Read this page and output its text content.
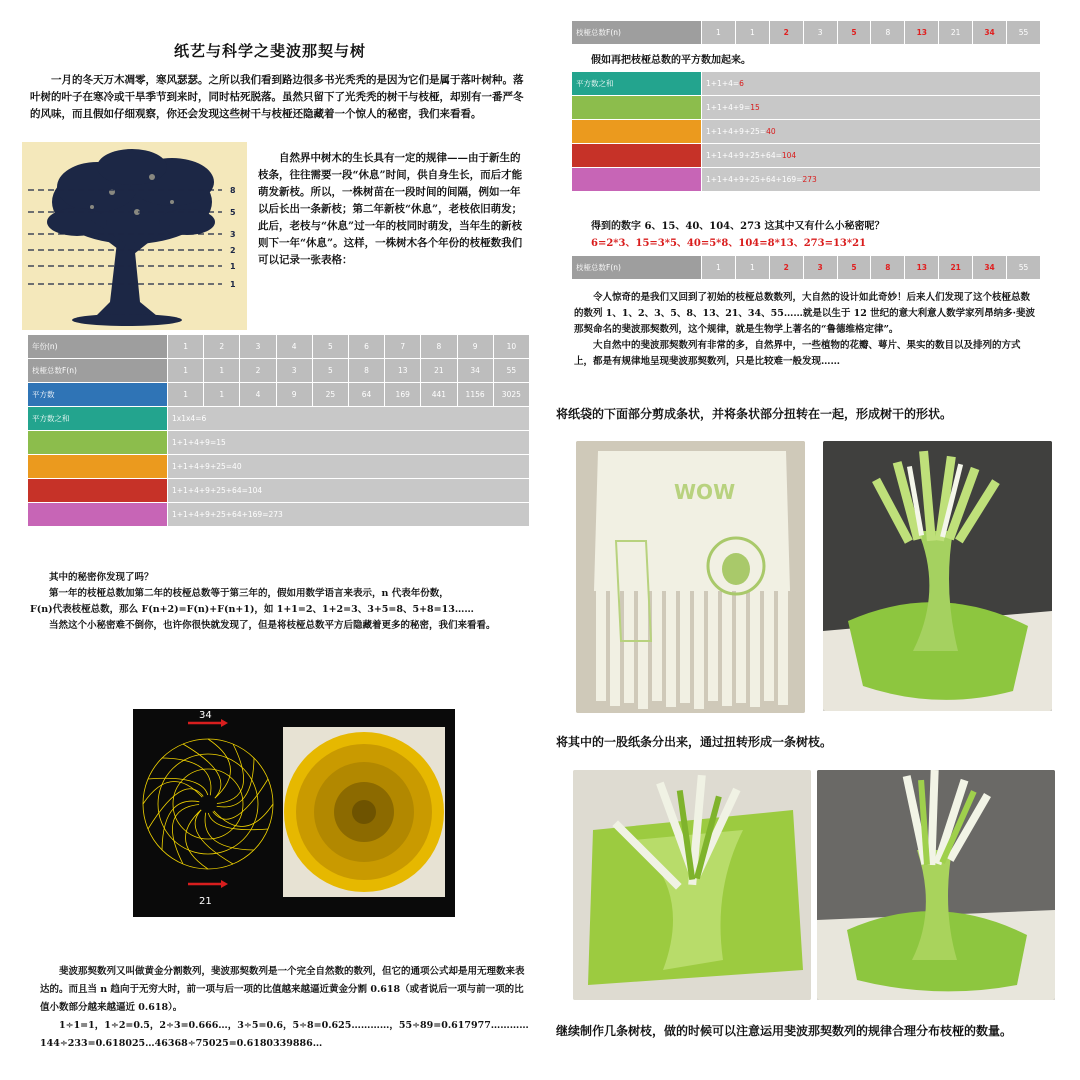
纸艺与科学之斐波那契与树

一月的冬天万木凋零，寒风瑟瑟。之所以我们看到路边很多书光秃秃的是因为它们是属于落叶树种。落叶树的叶子在寒冷或干旱季节到来时，同时枯死脱落。虽然只留下了光秃秃的树干与枝桠，却别有一番严冬的风味，而且假如仔细观察，你还会发现这些树干与枝桠还隐藏着一个惊人的秘密，我们来看看。

8
5
3
2
1
1

自然界中树木的生长具有一定的规律——由于新生的枝条，往往需要一段“休息”时间，供自身生长，而后才能萌发新枝。所以，一株树苗在一段时间的间隔，例如一年以后长出一条新枝；第二年新枝“休息”，老枝依旧萌发；此后，老枝与“休息”过一年的枝同时萌发，当年生的新枝则下一年“休息”。这样，一株树木各个年份的枝桠数我们可以记录一张表格：

年份(n)	1	2	3	4	5	6	7	8	9	10
枝桠总数F(n)	1	1	2	3	5	8	13	21	34	55
平方数	1	1	4	9	25	64	169	441	1156	3025
平方数之和	1x1x4=6									
	1+1+4+9=15									
	1+1+4+9+25=40									
	1+1+4+9+25+64=104									
	1+1+4+9+25+64+169=273									

其中的秘密你发现了吗？

第一年的枝桠总数加第二年的枝桠总数等于第三年的，假如用数学语言来表示，n 代表年份数，

F(n)代表枝桠总数，那么 F(n+2)=F(n)+F(n+1)，如 1+1=2、1+2=3、3+5=8、5+8=13……

当然这个小秘密难不倒你，也许你很快就发现了，但是将枝桠总数平方后隐藏着更多的秘密，我们来看看。

34
21

斐波那契数列又叫做黄金分割数列，斐波那契数列是一个完全自然数的数列，但它的通项公式却是用无理数来表达的。而且当 n 趋向于无穷大时，前一项与后一项的比值越来越逼近黄金分割 0.618（或者说后一项与前一项的比值小数部分越来越逼近 0.618）。

1÷1=1，1÷2=0.5，2÷3=0.666…，3÷5=0.6，5÷8=0.625…………，55÷89=0.617977…………

144÷233=0.618025…46368÷75025=0.6180339886…

枝桠总数F(n)	1	1	2	3	5	8	13	21	34	55
假如再把枝桠总数的平方数加起来。
平方数之和	1+1+4=6
	1+1+4+9=15
	1+1+4+9+25=40
	1+1+4+9+25+64=104
	1+1+4+9+25+64+169=273
得到的数字 6、15、40、104、273 这其中又有什么小秘密呢？
6=2*3、15=3*5、40=5*8、104=8*13、273=13*21
枝桠总数F(n)	1	1	2	3	5	8	13	21	34	55

令人惊奇的是我们又回到了初始的枝桠总数数列，大自然的设计如此奇妙！后来人们发现了这个枝桠总数的数列 1、1、2、3、5、8、13、21、34、55……就是以生于 12 世纪的意大利意人数学家列昂纳多·斐波那契命名的斐波那契数列，这个规律，就是生物学上著名的“鲁德维格定律”。

大自然中的斐波那契数列有非常的多，自然界中，一些植物的花瓣、萼片、果实的数目以及排列的方式上，都是有规律地呈现斐波那契数列，只是比较难一般发现……

将纸袋的下面部分剪成条状，并将条状部分扭转在一起，形成树干的形状。
WOW
将其中的一股纸条分出来，通过扭转形成一条树枝。
继续制作几条树枝，做的时候可以注意运用斐波那契数列的规律合理分布枝桠的数量。
